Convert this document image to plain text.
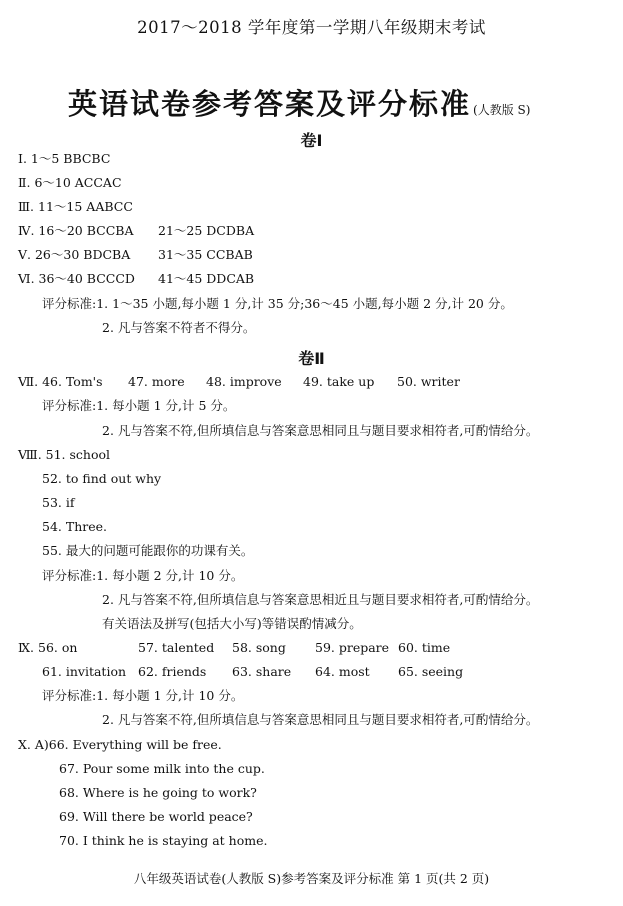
2017～2018 学年度第一学期八年级期末考试
英语试卷参考答案及评分标准 (人教版 S)
卷Ⅰ
Ⅰ. 1～5 BBCBC
Ⅱ. 6～10 ACCAC
Ⅲ. 11～15 AABCC
Ⅳ. 16～20 BCCBA 21～25 DCDBA
Ⅴ. 26～30 BDCBA 31～35 CCBAB
Ⅵ. 36～40 BCCCD 41～45 DDCAB
评分标准:1. 1～35 小题,每小题 1 分,计 35 分;36～45 小题,每小题 2 分,计 20 分。
2. 凡与答案不符者不得分。
卷Ⅱ
Ⅶ. 46. Tom's 47. more 48. improve 49. take up 50. writer
评分标准:1. 每小题 1 分,计 5 分。
2. 凡与答案不符,但所填信息与答案意思相同且与题目要求相符者,可酌情给分。
Ⅷ. 51. school
52. to find out why
53. if
54. Three.
55. 最大的问题可能跟你的功课有关。
评分标准:1. 每小题 2 分,计 10 分。
2. 凡与答案不符,但所填信息与答案意思相近且与题目要求相符者,可酌情给分。
有关语法及拼写(包括大小写)等错误酌情减分。
Ⅸ. 56. on	57. talented 58. song 59. prepare 60. time
61. invitation 62. friends 63. share 64. most 65. seeing
评分标准:1. 每小题 1 分,计 10 分。
2. 凡与答案不符,但所填信息与答案意思相同且与题目要求相符者,可酌情给分。
Ⅹ. A)66. Everything will be free.
67. Pour some milk into the cup.
68. Where is he going to work?
69. Will there be world peace?
70. I think he is staying at home.
八年级英语试卷(人教版 S)参考答案及评分标准 第 1 页(共 2 页)
